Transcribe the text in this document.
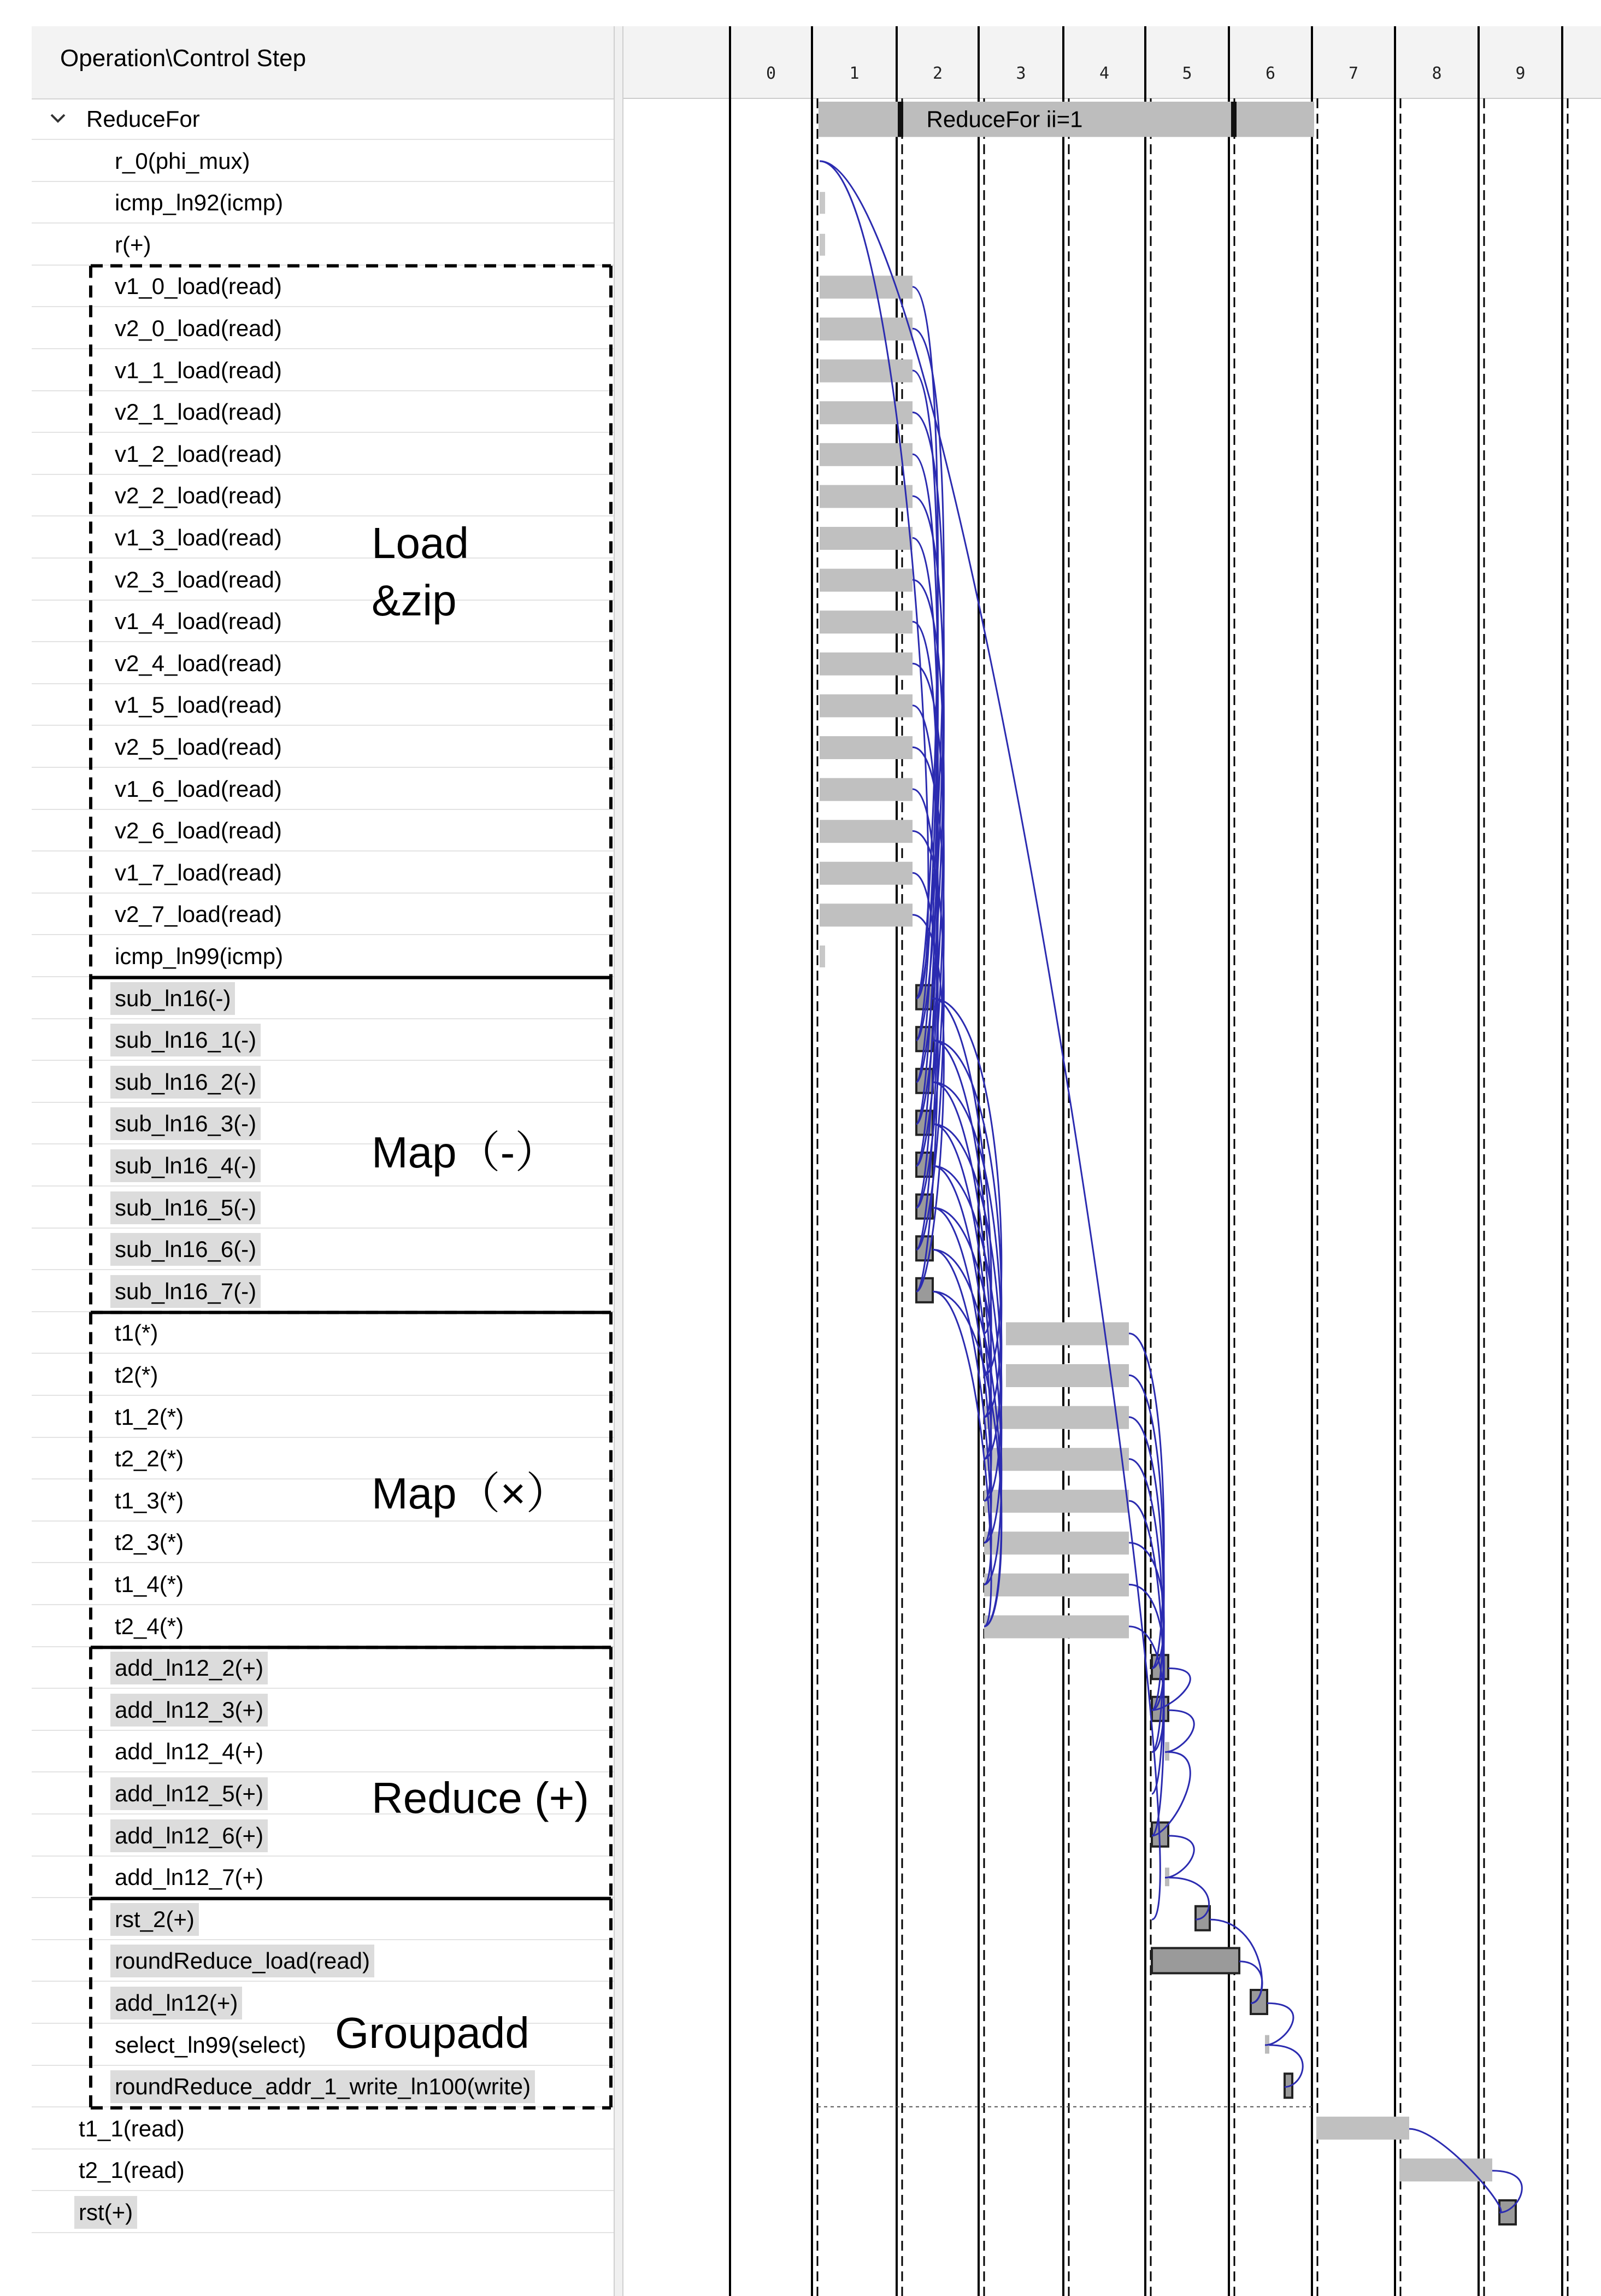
Operation\Control Step
ReduceFor
r_0(phi_mux)
icmp_ln92(icmp)
r(+)
v1_0_load(read)
v2_0_load(read)
v1_1_load(read)
v2_1_load(read)
v1_2_load(read)
v2_2_load(read)
v1_3_load(read)
v2_3_load(read)
v1_4_load(read)
v2_4_load(read)
v1_5_load(read)
v2_5_load(read)
v1_6_load(read)
v2_6_load(read)
v1_7_load(read)
v2_7_load(read)
icmp_ln99(icmp)
sub_ln16(-)
sub_ln16_1(-)
sub_ln16_2(-)
sub_ln16_3(-)
sub_ln16_4(-)
sub_ln16_5(-)
sub_ln16_6(-)
sub_ln16_7(-)
t1(*)
t2(*)
t1_2(*)
t2_2(*)
t1_3(*)
t2_3(*)
t1_4(*)
t2_4(*)
add_ln12_2(+)
add_ln12_3(+)
add_ln12_4(+)
add_ln12_5(+)
add_ln12_6(+)
add_ln12_7(+)
rst_2(+)
roundReduce_load(read)
add_ln12(+)
select_ln99(select)
roundReduce_addr_1_write_ln100(write)
t1_1(read)
t2_1(read)
rst(+)
Load
&zip
Map（-）
Map（×）
Reduce (+)
Groupadd
0	1	2	3	4	5	6	7	8	9
ReduceFor ii=1
